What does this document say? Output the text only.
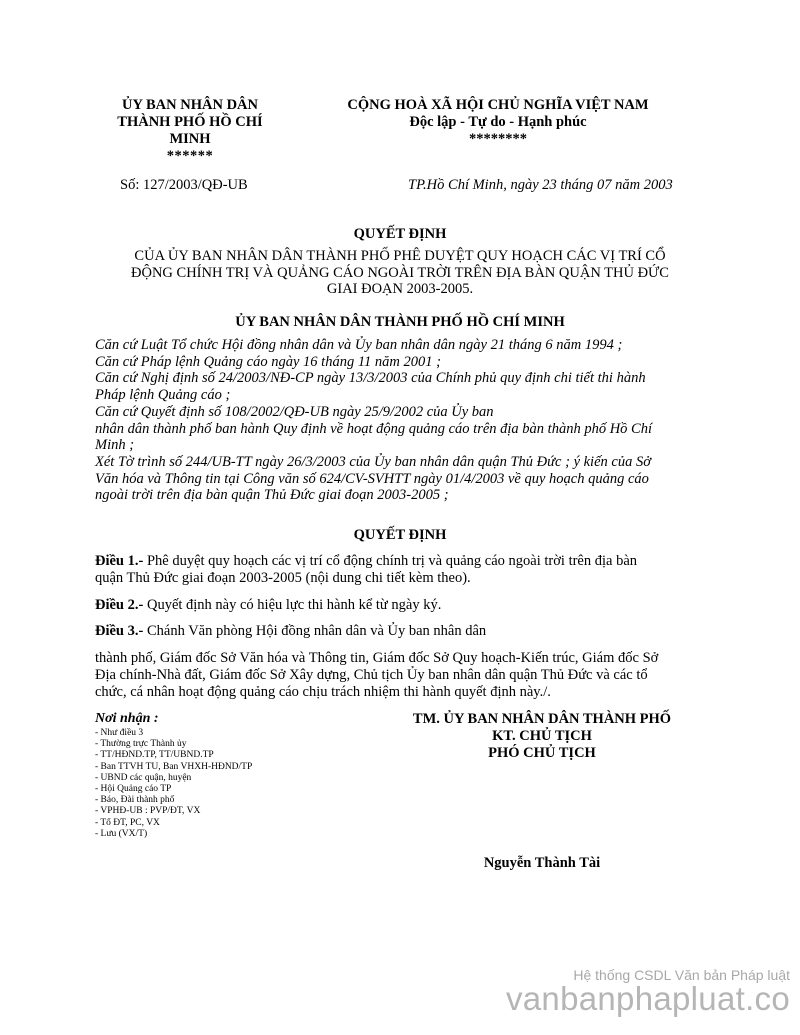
ỦY BAN NHÂN DÂN
THÀNH PHỐ HỒ CHÍ
MINH
******
CỘNG HOÀ XÃ HỘI CHỦ NGHĨA VIỆT NAM
Độc lập - Tự do - Hạnh phúc
********
Số: 127/2003/QĐ-UB	TP.Hồ Chí Minh, ngày 23 tháng 07 năm 2003
QUYẾT ĐỊNH
CỦA ỦY BAN NHÂN DÂN THÀNH PHỐ PHÊ DUYỆT QUY HOẠCH CÁC VỊ TRÍ CỔ
ĐỘNG CHÍNH TRỊ VÀ QUẢNG CÁO NGOÀI TRỜI TRÊN ĐỊA BÀN QUẬN THỦ ĐỨC
GIAI ĐOẠN 2003-2005.
ỦY BAN NHÂN DÂN THÀNH PHỐ HỒ CHÍ MINH
Căn cứ Luật Tổ chức Hội đồng nhân dân và Ủy ban nhân dân ngày 21 tháng 6 năm 1994 ;
Căn cứ Pháp lệnh Quảng cáo ngày 16 tháng 11 năm 2001 ;
Căn cứ Nghị định số 24/2003/NĐ-CP ngày 13/3/2003 của Chính phủ quy định chi tiết thi hành
Pháp lệnh Quảng cáo ;
Căn cứ Quyết định số 108/2002/QĐ-UB ngày 25/9/2002 của Ủy ban
nhân dân thành phố ban hành Quy định về hoạt động quảng cáo trên địa bàn thành phố Hồ Chí
Minh ;
Xét Tờ trình số 244/UB-TT ngày 26/3/2003 của Ủy ban nhân dân quận Thủ Đức ; ý kiến của Sở
Văn hóa và Thông tin tại Công văn số 624/CV-SVHTT ngày 01/4/2003 về quy hoạch quảng cáo
ngoài trời trên địa bàn quận Thủ Đức giai đoạn 2003-2005 ;
QUYẾT ĐỊNH
Điều 1.- Phê duyệt quy hoạch các vị trí cổ động chính trị và quảng cáo ngoài trời trên địa bàn
quận Thủ Đức giai đoạn 2003-2005 (nội dung chi tiết kèm theo).
Điều 2.- Quyết định này có hiệu lực thi hành kể từ ngày ký.
Điều 3.- Chánh Văn phòng Hội đồng nhân dân và Ủy ban nhân dân
thành phố, Giám đốc Sở Văn hóa và Thông tin, Giám đốc Sở Quy hoạch-Kiến trúc, Giám đốc Sở
Địa chính-Nhà đất, Giám đốc Sở Xây dựng, Chủ tịch Ủy ban nhân dân quận Thủ Đức và các tổ
chức, cá nhân hoạt động quảng cáo chịu trách nhiệm thi hành quyết định này./.
Nơi nhận :
- Như điều 3
- Thường trực Thành ủy
- TT/HĐND.TP, TT/UBND.TP
- Ban TTVH TU, Ban VHXH-HĐND/TP
- UBND các quận, huyện
- Hội Quảng cáo TP
- Báo, Đài thành phố
- VPHĐ-UB : PVP/ĐT, VX
- Tổ ĐT, PC, VX
- Lưu (VX/T)
TM. ỦY BAN NHÂN DÂN THÀNH PHỐ
KT. CHỦ TỊCH
PHÓ CHỦ TỊCH
Nguyễn Thành Tài
Hệ thống CSDL Văn bản Pháp luật
vanbanphapluat.co
